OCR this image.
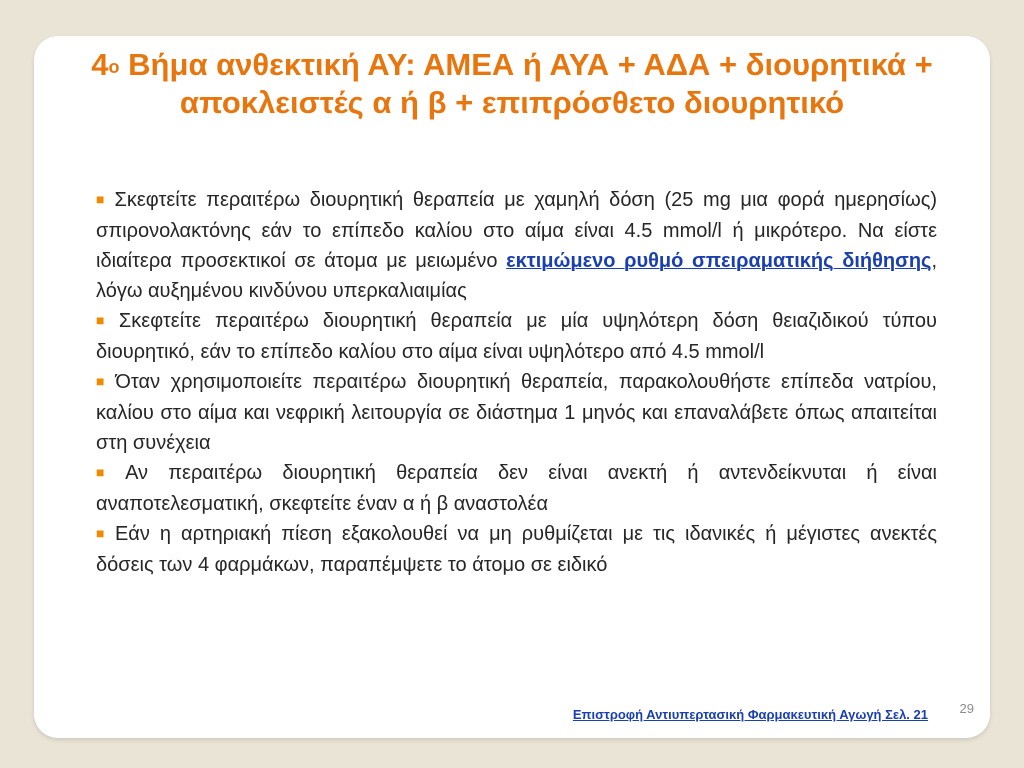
$4^o$ Βήμα ανθεκτική ΑΥ: ΑΜΕΑ ή ΑΥΑ + ΑΔΑ + διουρητικά + αποκλειστές α ή β + επιπρόσθετο διουρητικό

■ Σκεφτείτε περαιτέρω διουρητική θεραπεία με χαμηλή δόση (25 mg μια φορά ημερησίως) σπιρονολακτόνης εάν το επίπεδο καλίου στο αίμα είναι 4.5 mmol/l ή μικρότερο. Να είστε ιδιαίτερα προσεκτικοί σε άτομα με μειωμένο εκτιμώμενο ρυθμό σπειραματικής διήθησης, λόγω αυξημένου κινδύνου υπερκαλιαιμίας

■ Σκεφτείτε περαιτέρω διουρητική θεραπεία με μία υψηλότερη δόση θειαζιδικού τύπου διουρητικό, εάν το επίπεδο καλίου στο αίμα είναι υψηλότερο από 4.5 mmol/l

■ Όταν χρησιμοποιείτε περαιτέρω διουρητική θεραπεία, παρακολουθήστε επίπεδα νατρίου, καλίου στο αίμα και νεφρική λειτουργία σε διάστημα 1 μηνός και επαναλάβετε όπως απαιτείται στη συνέχεια

■ Αν περαιτέρω διουρητική θεραπεία δεν είναι ανεκτή ή αντενδείκνυται ή είναι αναποτελεσματική, σκεφτείτε έναν α ή β αναστολέα

■ Εάν η αρτηριακή πίεση εξακολουθεί να μη ρυθμίζεται με τις ιδανικές ή μέγιστες ανεκτές δόσεις των 4 φαρμάκων, παραπέμψετε το άτομο σε ειδικό

Επιστροφή Αντιυπερτασική Φαρμακευτική Αγωγή Σελ. 21 29
